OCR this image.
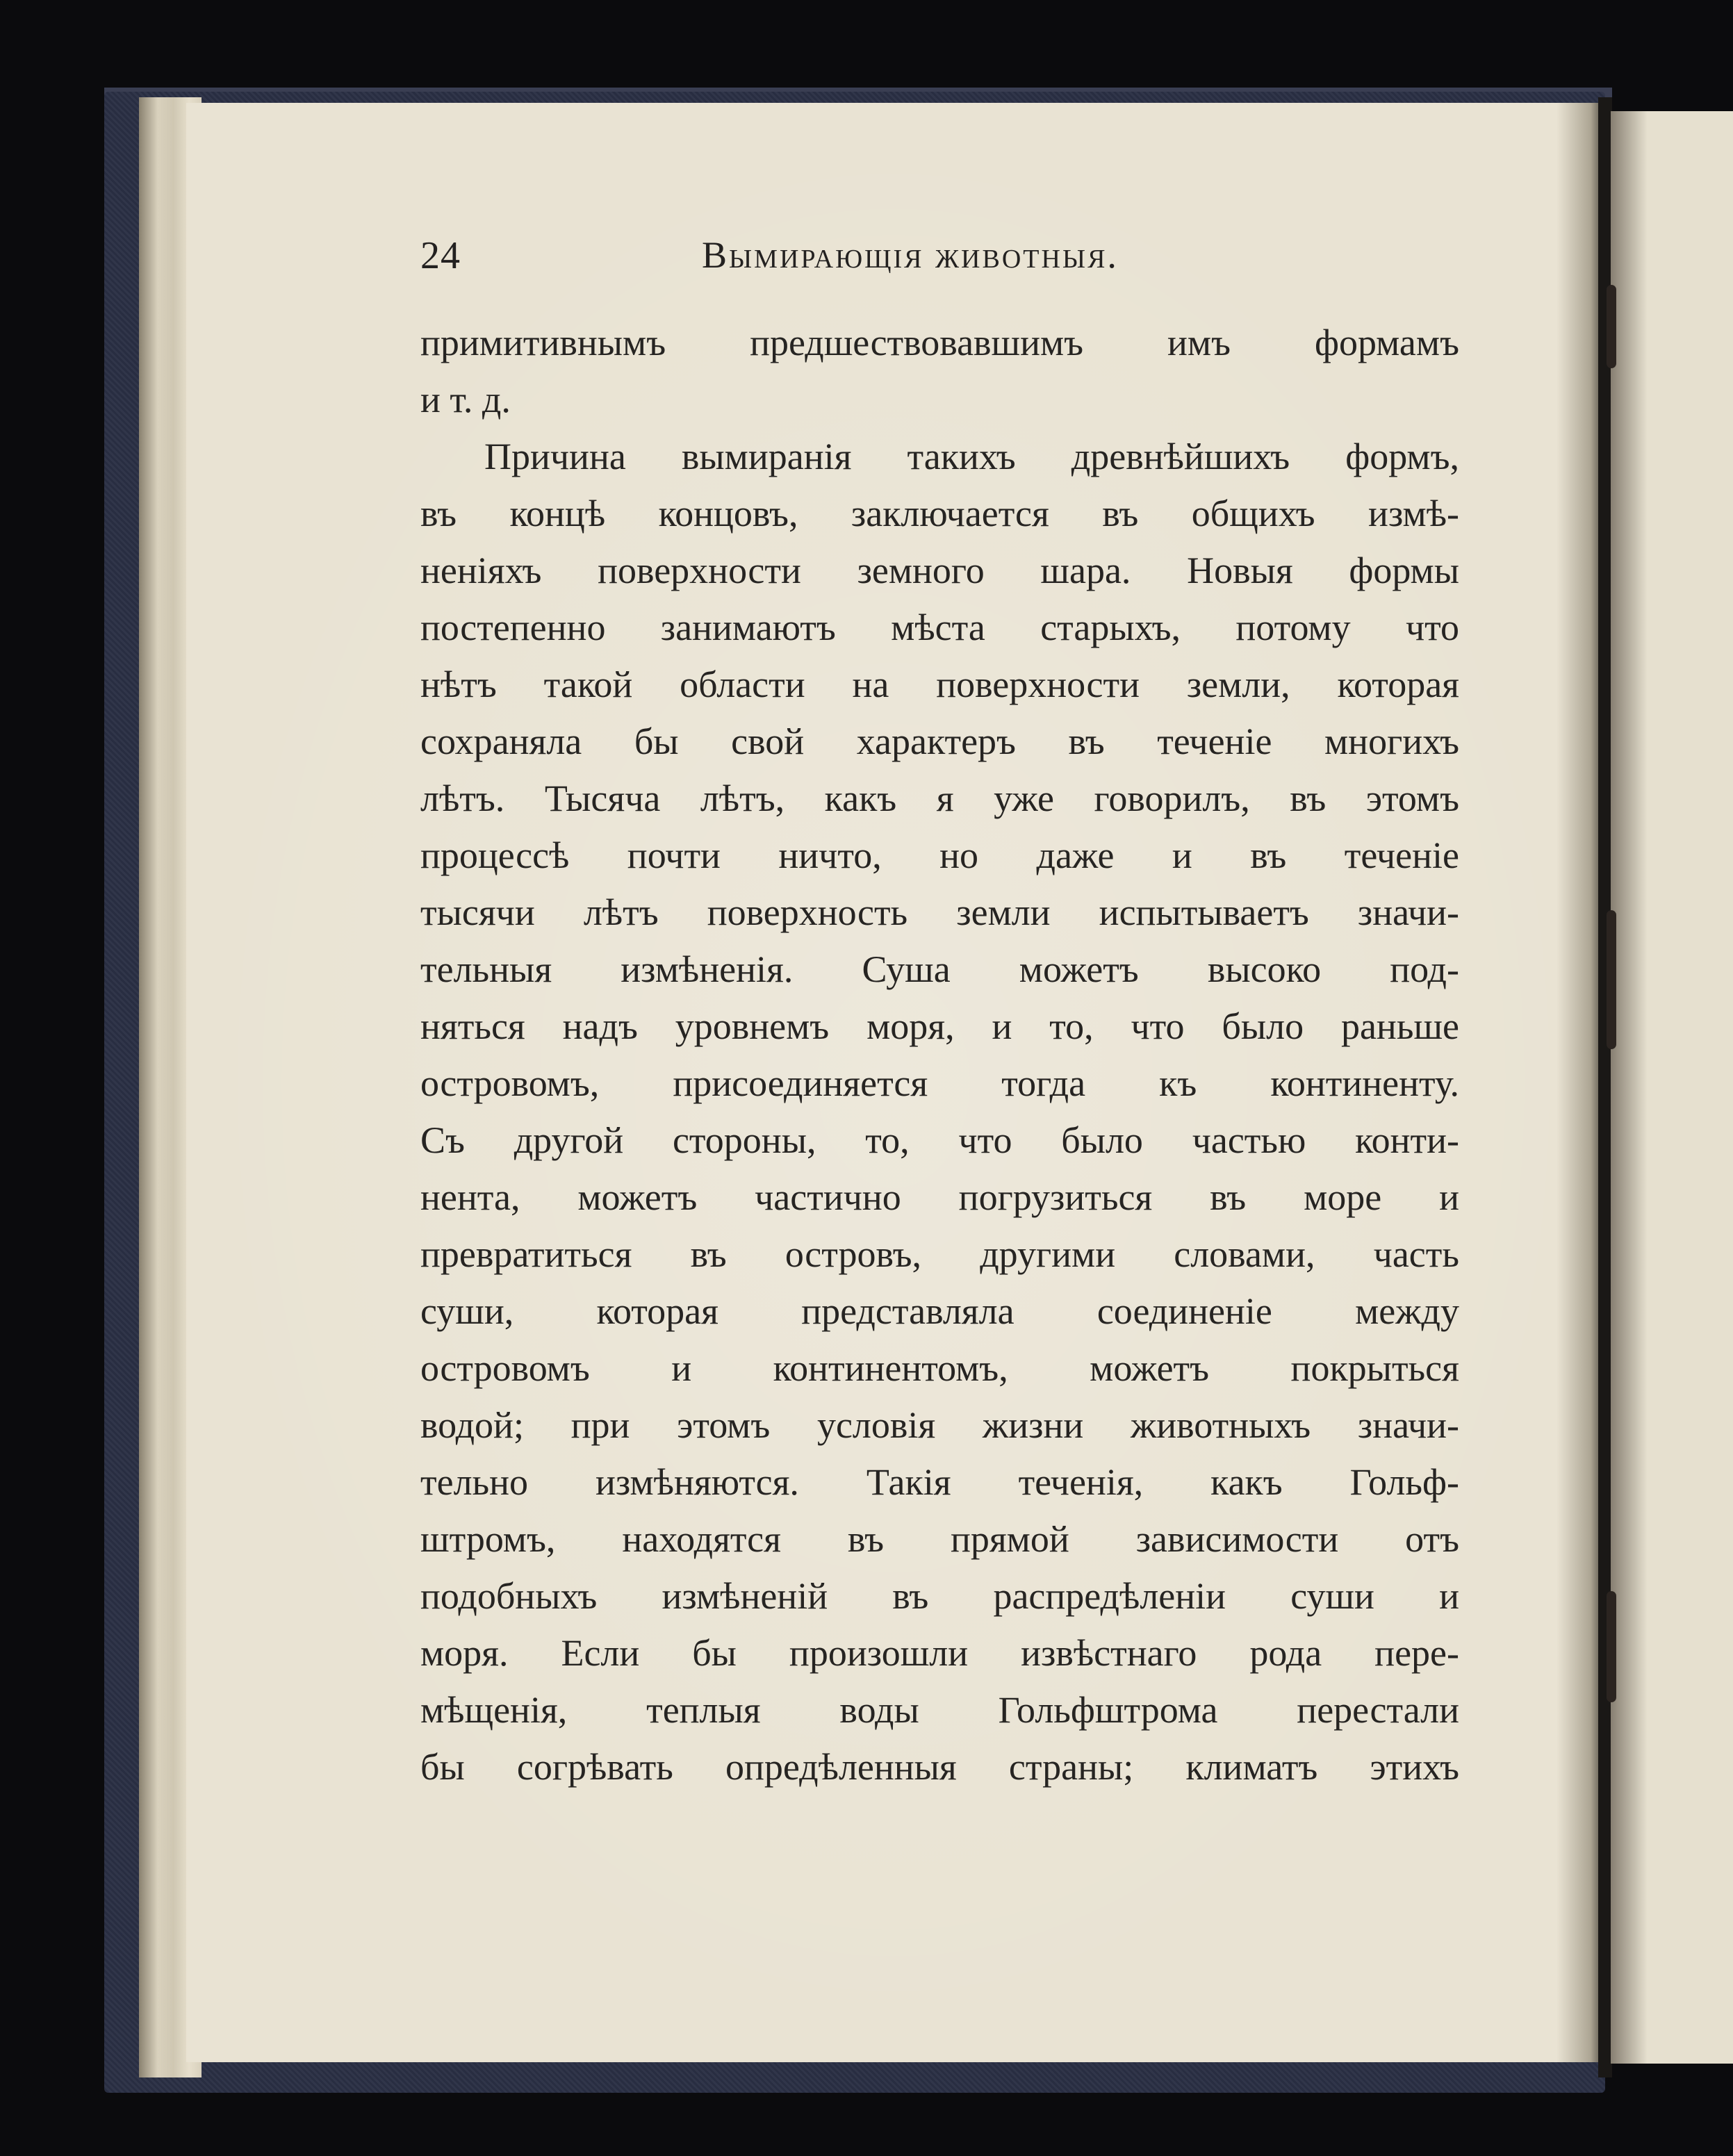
24	Вымирающія животныя.
примитивнымъ предшествовавшимъ имъ формамъ
и т. д.
Причина вымиранія такихъ древнѣйшихъ формъ,
въ концѣ концовъ, заключается въ общихъ измѣ-
неніяхъ поверхности земного шара. Новыя формы
постепенно занимаютъ мѣста старыхъ, потому что
нѣтъ такой области на поверхности земли, которая
сохраняла бы свой характеръ въ теченіе многихъ
лѣтъ. Тысяча лѣтъ, какъ я уже говорилъ, въ этомъ
процессѣ почти ничто, но даже и въ теченіе
тысячи лѣтъ поверхность земли испытываетъ значи-
тельныя измѣненія. Суша можетъ высоко под-
няться надъ уровнемъ моря, и то, что было раньше
островомъ, присоединяется тогда къ континенту.
Съ другой стороны, то, что было частью конти-
нента, можетъ частично погрузиться въ море и
превратиться въ островъ, другими словами, часть
суши, которая представляла соединеніе между
островомъ и континентомъ, можетъ покрыться
водой; при этомъ условія жизни животныхъ значи-
тельно измѣняются. Такія теченія, какъ Гольф-
штромъ, находятся въ прямой зависимости отъ
подобныхъ измѣненій въ распредѣленіи суши и
моря. Если бы произошли извѣстнаго рода пере-
мѣщенія, теплыя воды Гольфштрома перестали
бы согрѣвать опредѣленныя страны; климатъ этихъ
